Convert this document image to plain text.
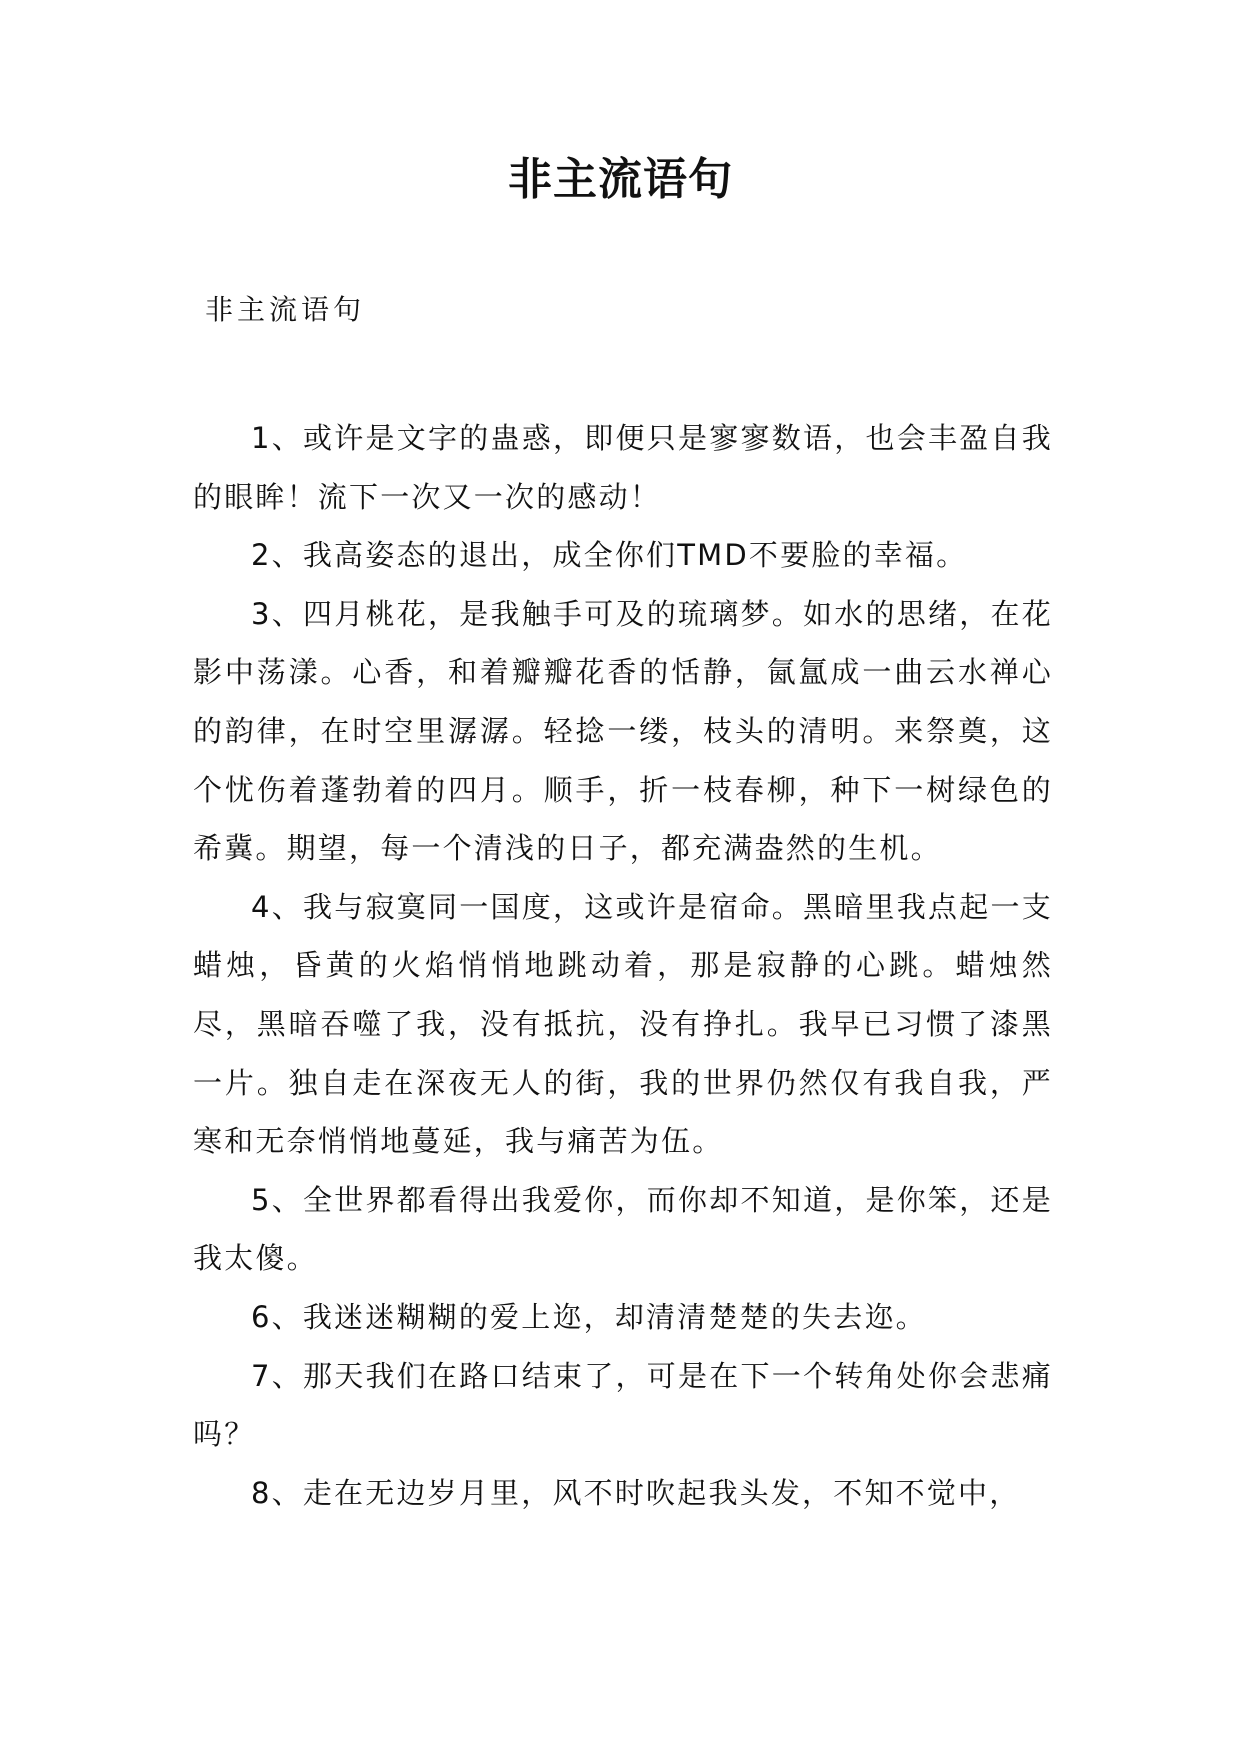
非主流语句
非主流语句

1、或许是文字的蛊惑，即便只是寥寥数语，也会丰盈自我的眼眸！流下一次又一次的感动！

2、我高姿态的退出，成全你们TMD不要脸的幸福。

3、四月桃花，是我触手可及的琉璃梦。如水的思绪，在花影中荡漾。心香，和着瓣瓣花香的恬静，氤氲成一曲云水禅心的韵律，在时空里潺潺。轻捻一缕，枝头的清明。来祭奠，这个忧伤着蓬勃着的四月。顺手，折一枝春柳，种下一树绿色的希冀。期望，每一个清浅的日子，都充满盎然的生机。

4、我与寂寞同一国度，这或许是宿命。黑暗里我点起一支蜡烛，昏黄的火焰悄悄地跳动着，那是寂静的心跳。蜡烛然尽，黑暗吞噬了我，没有抵抗，没有挣扎。我早已习惯了漆黑一片。独自走在深夜无人的街，我的世界仍然仅有我自我，严寒和无奈悄悄地蔓延，我与痛苦为伍。

5、全世界都看得出我爱你，而你却不知道，是你笨，还是我太傻。

6、我迷迷糊糊的爱上迩，却清清楚楚的失去迩。

7、那天我们在路口结束了，可是在下一个转角处你会悲痛吗？

8、走在无边岁月里，风不时吹起我头发，不知不觉中，
